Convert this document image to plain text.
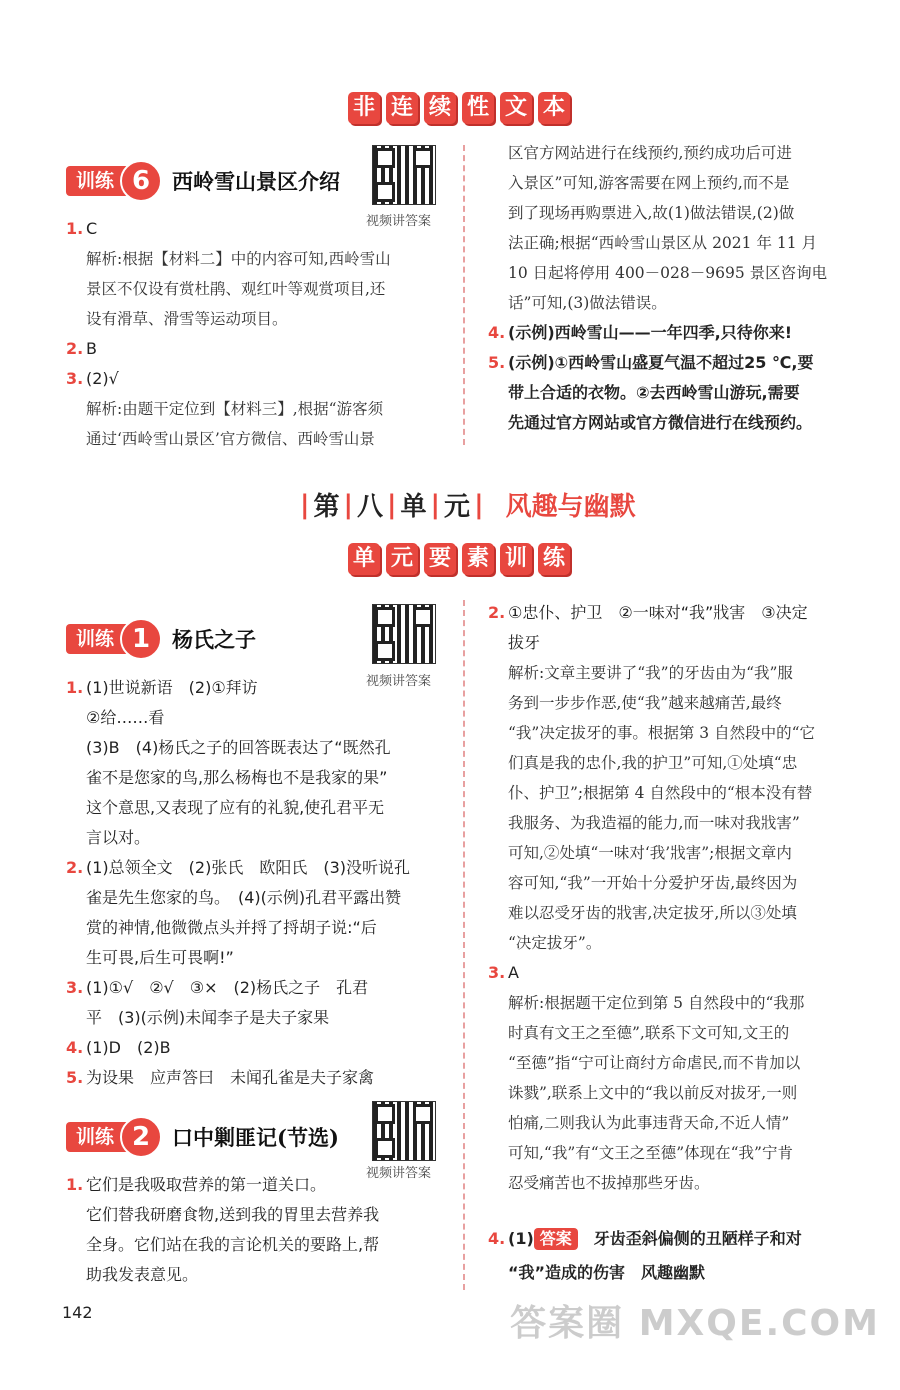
非 连 续 性 文 本
训练 6	西岭雪山景区介绍
视频讲答案
1. C
解析:根据【材料二】中的内容可知,西岭雪山
景区不仅设有赏杜鹃、观红叶等观赏项目,还
设有滑草、滑雪等运动项目。
2. B
3. (2)√
解析:由题干定位到【材料三】,根据“游客须
通过‘西岭雪山景区’官方微信、西岭雪山景
区官方网站进行在线预约,预约成功后可进
入景区”可知,游客需要在网上预约,而不是
到了现场再购票进入,故(1)做法错误,(2)做
法正确;根据“西岭雪山景区从 2021 年 11 月
10 日起将停用 400－028－9695 景区咨询电
话”可知,(3)做法错误。
4. (示例)西岭雪山——一年四季,只待你来!
5. (示例)①西岭雪山盛夏气温不超过25 ℃,要
带上合适的衣物。②去西岭雪山游玩,需要
先通过官方网站或官方微信进行在线预约。
| 第 | 八 | 单 | 元 | 风趣与幽默
单 元 要 素 训 练
训练 1	杨氏之子
视频讲答案
1. (1)世说新语　(2)①拜访
②给……看
(3)B　(4)杨氏之子的回答既表达了“既然孔
雀不是您家的鸟,那么杨梅也不是我家的果”
这个意思,又表现了应有的礼貌,使孔君平无
言以对。
2. (1)总领全文　(2)张氏　欧阳氏　(3)没听说孔
雀是先生您家的鸟。　(4)(示例)孔君平露出赞
赏的神情,他微微点头并捋了捋胡子说:“后
生可畏,后生可畏啊!”
3. (1)①√　②√　③×　(2)杨氏之子　孔君
平　(3)(示例)未闻李子是夫子家果
4. (1)D　(2)B
5. 为设果　应声答曰　未闻孔雀是夫子家禽
训练 2	口中剿匪记(节选)
视频讲答案
1. 它们是我吸取营养的第一道关口。
它们替我研磨食物,送到我的胃里去营养我
全身。它们站在我的言论机关的要路上,帮
助我发表意见。
2. ①忠仆、护卫　②一味对“我”戕害　③决定
拔牙
解析:文章主要讲了“我”的牙齿由为“我”服
务到一步步作恶,使“我”越来越痛苦,最终
“我”决定拔牙的事。根据第 3 自然段中的“它
们真是我的忠仆,我的护卫”可知,①处填“忠
仆、护卫”;根据第 4 自然段中的“根本没有替
我服务、为我造福的能力,而一味对我戕害”
可知,②处填“一味对‘我’戕害”;根据文章内
容可知,“我”一开始十分爱护牙齿,最终因为
难以忍受牙齿的戕害,决定拔牙,所以③处填
“决定拔牙”。
3. A
解析:根据题干定位到第 5 自然段中的“我那
时真有文王之至德”,联系下文可知,文王的
“至德”指“宁可让商纣方命虐民,而不肯加以
诛戮”,联系上文中的“我以前反对拔牙,一则
怕痛,二则我认为此事违背天命,不近人情”
可知,“我”有“文王之至德”体现在“我”宁肯
忍受痛苦也不拔掉那些牙齿。
4. (1) 答案　 牙齿歪斜偏侧的丑陋样子和对
“我”造成的伤害　风趣幽默
142	答案圈 MXQE.COM
